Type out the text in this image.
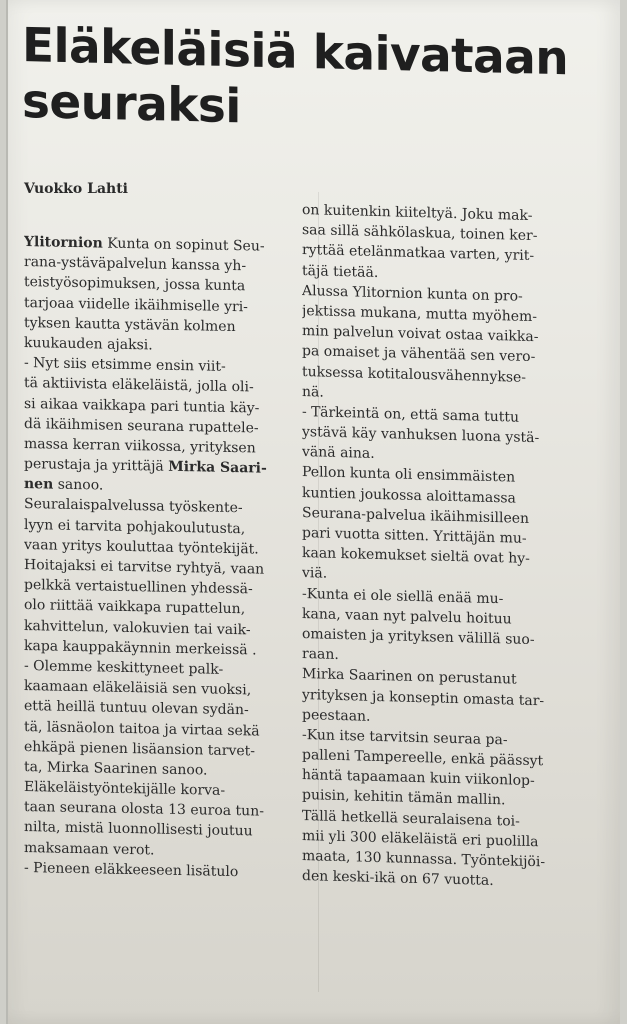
Eläkeläisiä kaivataan
seuraksi
Vuokko Lahti
Ylitornion Kunta on sopinut Seu-
rana-ystäväpalvelun kanssa yh-
teistyösopimuksen, jossa kunta
tarjoaa viidelle ikäihmiselle yri-
tyksen kautta ystävän kolmen
kuukauden ajaksi.
- Nyt siis etsimme ensin viit-
tä aktiivista eläkeläistä, jolla oli-
si aikaa vaikkapa pari tuntia käy-
dä ikäihmisen seurana rupattele-
massa kerran viikossa, yrityksen
perustaja ja yrittäjä Mirka Saari-
nen sanoo.
Seuralaispalvelussa työskente-
lyyn ei tarvita pohjakoulutusta,
vaan yritys kouluttaa työntekijät.
Hoitajaksi ei tarvitse ryhtyä, vaan
pelkkä vertaistuellinen yhdessä-
olo riittää vaikkapa rupattelun,
kahvittelun, valokuvien tai vaik-
kapa kauppakäynnin merkeissä .
- Olemme keskittyneet palk-
kaamaan eläkeläisiä sen vuoksi,
että heillä tuntuu olevan sydän-
tä, läsnäolon taitoa ja virtaa sekä
ehkäpä pienen lisäansion tarvet-
ta, Mirka Saarinen sanoo.
Eläkeläistyöntekijälle korva-
taan seurana olosta 13 euroa tun-
nilta, mistä luonnollisesti joutuu
maksamaan verot.
- Pieneen eläkkeeseen lisätulo
on kuitenkin kiiteltyä. Joku mak-
saa sillä sähkölaskua, toinen ker-
ryttää etelänmatkaa varten, yrit-
täjä tietää.
Alussa Ylitornion kunta on pro-
jektissa mukana, mutta myöhem-
min palvelun voivat ostaa vaikka-
pa omaiset ja vähentää sen vero-
tuksessa kotitalousvähennykse-
nä.
- Tärkeintä on, että sama tuttu
ystävä käy vanhuksen luona ystä-
vänä aina.
Pellon kunta oli ensimmäisten
kuntien joukossa aloittamassa
Seurana-palvelua ikäihmisilleen
pari vuotta sitten. Yrittäjän mu-
kaan kokemukset sieltä ovat hy-
viä.
-Kunta ei ole siellä enää mu-
kana, vaan nyt palvelu hoituu
omaisten ja yrityksen välillä suo-
raan.
Mirka Saarinen on perustanut
yrityksen ja konseptin omasta tar-
peestaan.
-Kun itse tarvitsin seuraa pa-
palleni Tampereelle, enkä päässyt
häntä tapaamaan kuin viikonlop-
puisin, kehitin tämän mallin.
Tällä hetkellä seuralaisena toi-
mii yli 300 eläkeläistä eri puolilla
maata, 130 kunnassa. Työntekijöi-
den keski-ikä on 67 vuotta.
